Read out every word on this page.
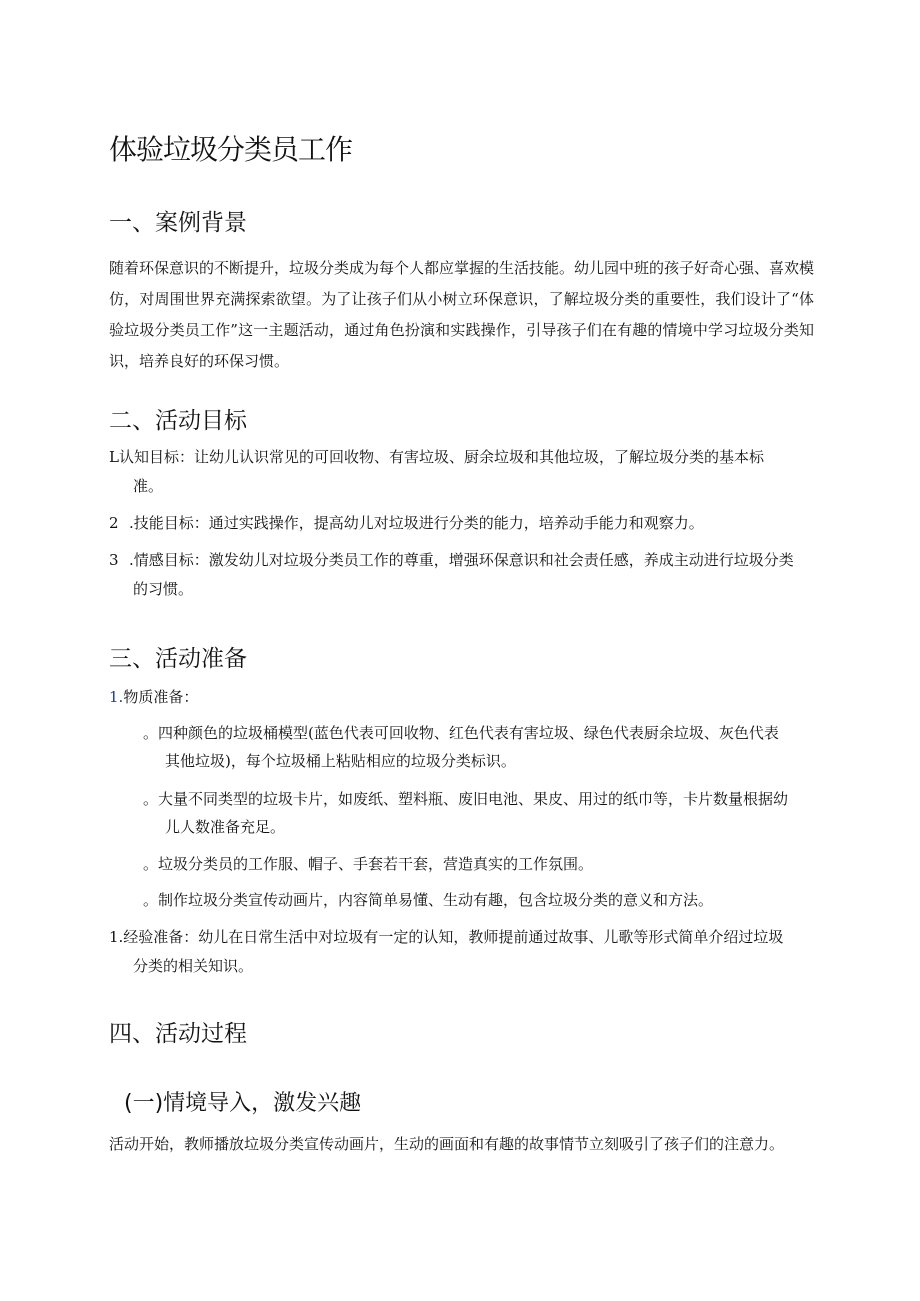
体验垃圾分类员工作
一、案例背景

随着环保意识的不断提升，垃圾分类成为每个人都应掌握的生活技能。幼儿园中班的孩子好奇心强、喜欢模仿，对周围世界充满探索欲望。为了让孩子们从小树立环保意识，了解垃圾分类的重要性，我们设计了“体验垃圾分类员工作”这一主题活动，通过角色扮演和实践操作，引导孩子们在有趣的情境中学习垃圾分类知识，培养良好的环保习惯。

二、活动目标
L认知目标：让幼儿认识常见的可回收物、有害垃圾、厨余垃圾和其他垃圾，了解垃圾分类的基本标
准。
2 .技能目标：通过实践操作，提高幼儿对垃圾进行分类的能力，培养动手能力和观察力。
3 .情感目标：激发幼儿对垃圾分类员工作的尊重，增强环保意识和社会责任感，养成主动进行垃圾分类
的习惯。
三、活动准备
1.物质准备：
。四种颜色的垃圾桶模型(蓝色代表可回收物、红色代表有害垃圾、绿色代表厨余垃圾、灰色代表
其他垃圾)，每个垃圾桶上粘贴相应的垃圾分类标识。
。大量不同类型的垃圾卡片，如废纸、塑料瓶、废旧电池、果皮、用过的纸巾等，卡片数量根据幼
儿人数准备充足。
。垃圾分类员的工作服、帽子、手套若干套，营造真实的工作氛围。
。制作垃圾分类宣传动画片，内容简单易懂、生动有趣，包含垃圾分类的意义和方法。
1.经验准备：幼儿在日常生活中对垃圾有一定的认知，教师提前通过故事、儿歌等形式简单介绍过垃圾
分类的相关知识。
四、活动过程
(一)情境导入，激发兴趣
活动开始，教师播放垃圾分类宣传动画片，生动的画面和有趣的故事情节立刻吸引了孩子们的注意力。
